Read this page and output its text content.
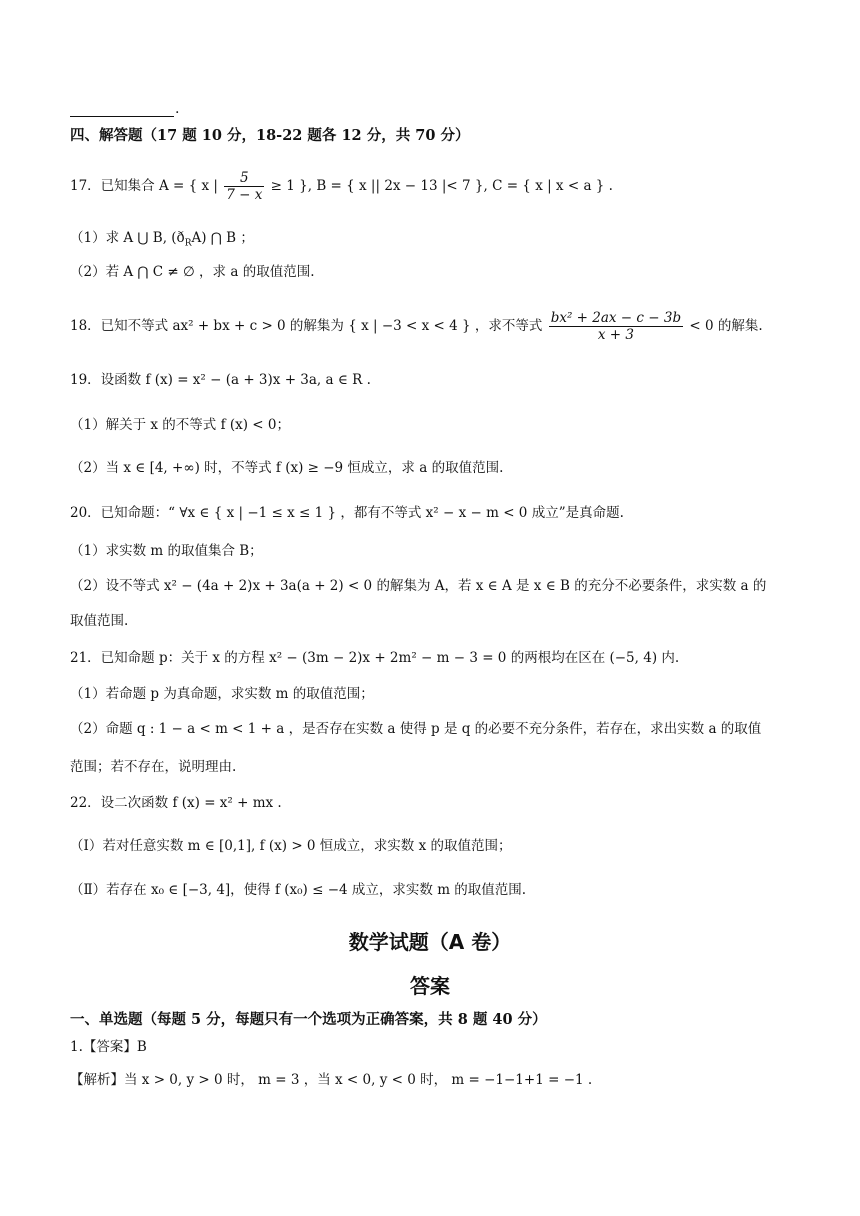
.
四、解答题（17 题 10 分，18-22 题各 12 分，共 70 分）
17．已知集合 A = { x | $\frac{5}{7 - x} \ge 1$ }, B = { x || 2x − 13 |< 7 }, C = { x | x < a } .
（1）求 A ⋃ B, $(ð_RA)$ ⋂ B ；
（2）若 A ⋂ C ≠ ∅ ，求 a 的取值范围.
18．已知不等式 ax² + bx + c > 0 的解集为 { x | −3 < x < 4 } ，求不等式 $\frac{\text{bx² + 2ax − c − 3b}}{x + 3} < 0$ 的解集.
19．设函数 f (x) = x² − (a + 3)x + 3a, a ∈ R .
（1）解关于 x 的不等式 f (x) < 0；
（2）当 x ∈ [4, +∞) 时，不等式 f (x) ≥ −9 恒成立，求 a 的取值范围.
20．已知命题：“ ∀x ∈ { x | −1 ≤ x ≤ 1 } ，都有不等式 x² − x − m < 0 成立”是真命题.
（1）求实数 m 的取值集合 B；
（2）设不等式 x² − (4a + 2)x + 3a(a + 2) < 0 的解集为 A，若 x ∈ A 是 x ∈ B 的充分不必要条件，求实数 a 的
取值范围.
21．已知命题 p：关于 x 的方程 x² − (3m − 2)x + 2m² − m − 3 = 0 的两根均在区在 (−5, 4) 内.
（1）若命题 p 为真命题，求实数 m 的取值范围；
（2）命题 q : 1 − a < m < 1 + a ，是否存在实数 a 使得 p 是 q 的必要不充分条件，若存在，求出实数 a 的取值
范围；若不存在，说明理由.
22．设二次函数 f (x) = x² + mx .
（Ⅰ）若对任意实数 m ∈ [0,1], f (x) > 0 恒成立，求实数 x 的取值范围；
（Ⅱ）若存在 x₀ ∈ [−3, 4]，使得 f (x₀) ≤ −4 成立，求实数 m 的取值范围.
数学试题（A 卷）
答案
一、单选题（每题 5 分，每题只有一个选项为正确答案，共 8 题 40 分）
1.【答案】B
【解析】当 x > 0, y > 0 时， m = 3 ，当 x < 0, y < 0 时， m = −1−1+1 = −1 .
